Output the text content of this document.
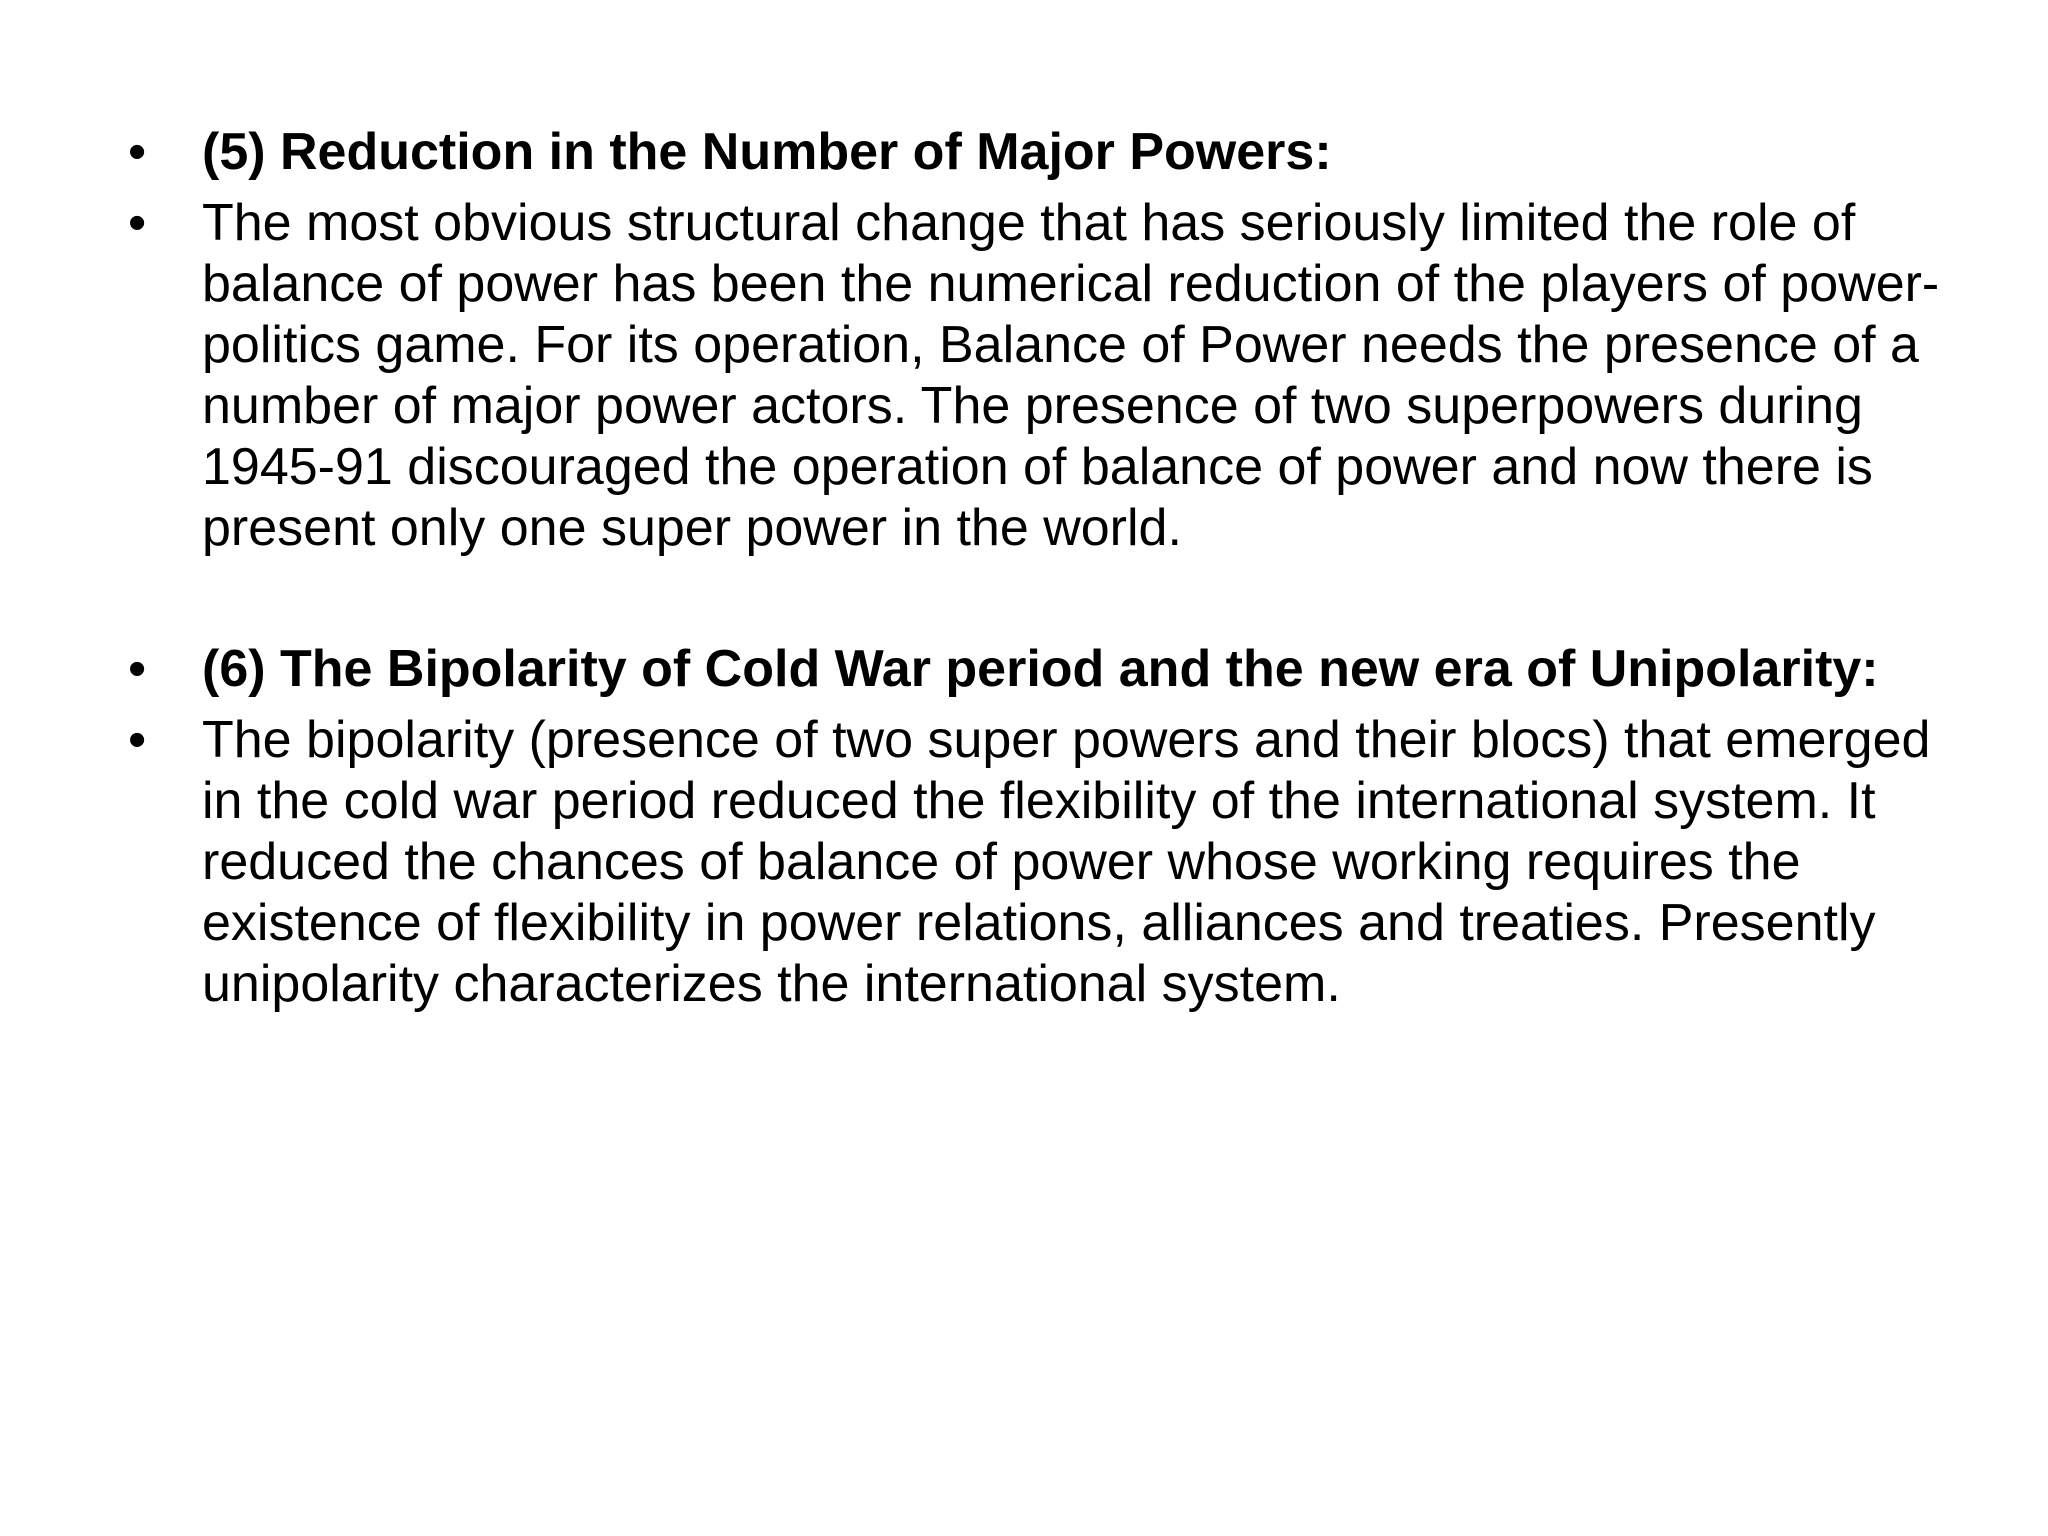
• (5) Reduction in the Number of Major Powers:
• The most obvious structural change that has seriously limited the role of balance of power has been the numerical reduction of the players of power-politics game. For its operation, Balance of Power needs the presence of a number of major power actors. The presence of two superpowers during 1945-91 discouraged the operation of balance of power and now there is present only one super power in the world.
• (6) The Bipolarity of Cold War period and the new era of Unipolarity:
• The bipolarity (presence of two super powers and their blocs) that emerged in the cold war period reduced the flexibility of the international system. It reduced the chances of balance of power whose working requires the existence of flexibility in power relations, alliances and treaties. Presently unipolarity characterizes the international system.
